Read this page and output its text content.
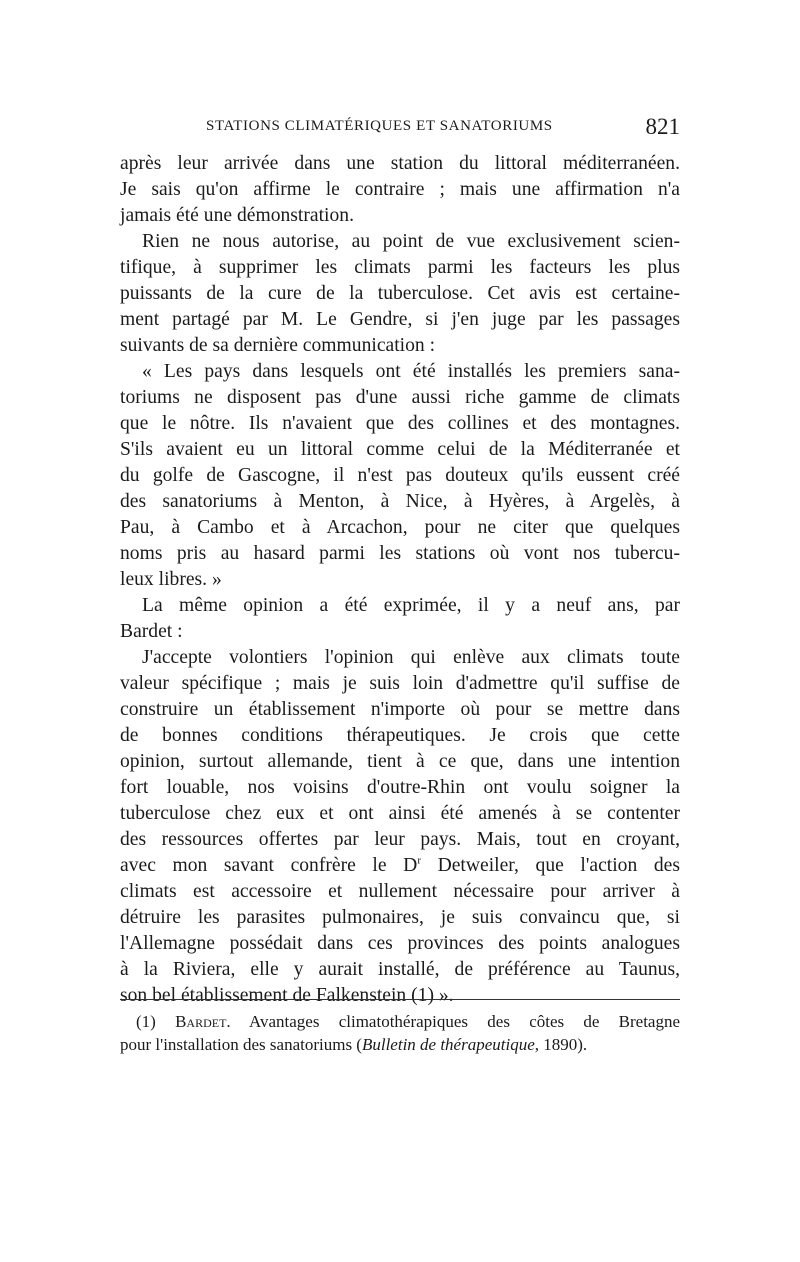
STATIONS CLIMATÉRIQUES ET SANATORIUMS	821
après leur arrivée dans une station du littoral méditerranéen.
Je sais qu'on affirme le contraire ; mais une affirmation n'a
jamais été une démonstration.
Rien ne nous autorise, au point de vue exclusivement scien-
tifique, à supprimer les climats parmi les facteurs les plus
puissants de la cure de la tuberculose. Cet avis est certaine-
ment partagé par M. Le Gendre, si j'en juge par les passages
suivants de sa dernière communication :
« Les pays dans lesquels ont été installés les premiers sana-
toriums ne disposent pas d'une aussi riche gamme de climats
que le nôtre. Ils n'avaient que des collines et des montagnes.
S'ils avaient eu un littoral comme celui de la Méditerranée et
du golfe de Gascogne, il n'est pas douteux qu'ils eussent créé
des sanatoriums à Menton, à Nice, à Hyères, à Argelès, à
Pau, à Cambo et à Arcachon, pour ne citer que quelques
noms pris au hasard parmi les stations où vont nos tubercu-
leux libres. »
La même opinion a été exprimée, il y a neuf ans, par
Bardet :
J'accepte volontiers l'opinion qui enlève aux climats toute
valeur spécifique ; mais je suis loin d'admettre qu'il suffise de
construire un établissement n'importe où pour se mettre dans
de bonnes conditions thérapeutiques. Je crois que cette
opinion, surtout allemande, tient à ce que, dans une intention
fort louable, nos voisins d'outre-Rhin ont voulu soigner la
tuberculose chez eux et ont ainsi été amenés à se contenter
des ressources offertes par leur pays. Mais, tout en croyant,
avec mon savant confrère le $D^r$ Detweiler, que l'action des
climats est accessoire et nullement nécessaire pour arriver à
détruire les parasites pulmonaires, je suis convaincu que, si
l'Allemagne possédait dans ces provinces des points analogues
à la Riviera, elle y aurait installé, de préférence au Taunus,
son bel établissement de Falkenstein (1) ».
(1) Bardet. Avantages climatothérapiques des côtes de Bretagne
pour l'installation des sanatoriums (Bulletin de thérapeutique, 1890).
